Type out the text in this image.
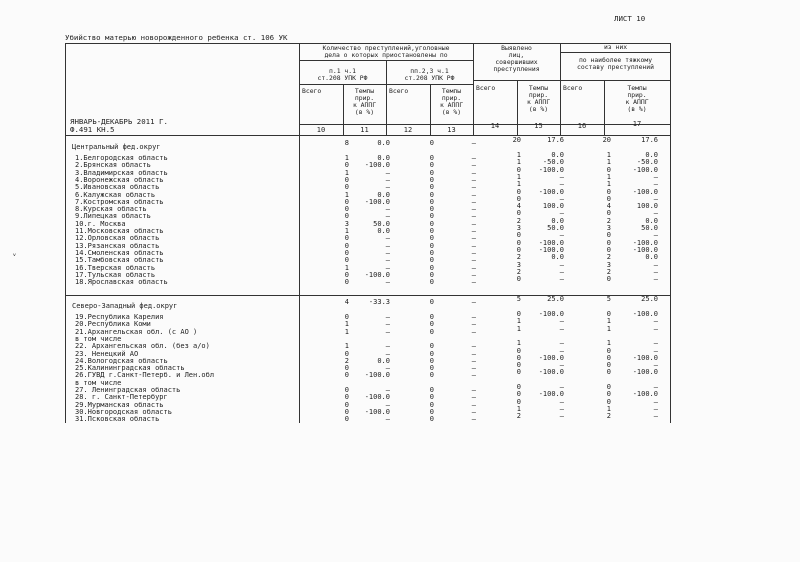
ЛИСТ 10
Убийство матерью новорожденного ребенка ст. 106 УК
Количество преступлений,уголовные
дела о которых приостановлены по
п.1 ч.1
ст.208 УПК РФ
пп.2,3 ч.1
ст.208 УПК РФ
Всего	Темпы
прир.
к АППГ
(в %)
Всего	Темпы
прир.
к АППГ
(в %)
Выявлено
лиц,
совершивших
преступления
Всего	Темпы
прир.
к АППГ
(в %)
из них
по наиболее тяжкому
составу преступлений
Всего	Темпы
прир.
к АППГ
(в %)
ЯНВАРЬ-ДЕКАБРЬ 2011 Г.
Ф.491 КН.5	10	11	12	13	14	15	16	17
Центральный фед.округ	8	0.0	0	–	20	17.6	20	17.6
1.Белгородская область	1	0.0	0	–	1	0.0	1	0.0
2.Брянская область	0	-100.0	0	–	1	-50.0	1	-50.0
3.Владимирская область	1	–	0	–	0	-100.0	0	-100.0
4.Воронежская область	0	–	0	–	1	–	1	–
5.Ивановская область	0	–	0	–	1	–	1	–
6.Калужская область	1	0.0	0	–	0	-100.0	0	-100.0
7.Костромская область	0	-100.0	0	–	0	–	0	–
8.Курская область	0	–	0	–	4	100.0	4	100.0
9.Липецкая область	0	–	0	–	0	–	0	–
10.г. Москва	3	50.0	0	–	2	0.0	2	0.0
11.Московская область	1	0.0	0	–	3	50.0	3	50.0
12.Орловская область	0	–	0	–	0	–	0	–
13.Рязанская область	0	–	0	–	0	-100.0	0	-100.0
14.Смоленская область	0	–	0	–	0	-100.0	0	-100.0
15.Тамбовская область	0	–	0	–	2	0.0	2	0.0
16.Тверская область	1	–	0	–	3	–	3	–
17.Тульская область	0	-100.0	0	–	2	–	2	–
18.Ярославская область	0	–	0	–	0	–	0	–
Северо-Западный фед.округ	4	-33.3	0	–	5	25.0	5	25.0
19.Республика Карелия	0	–	0	–	0	-100.0	0	-100.0
20.Республика Коми	1	–	0	–	1	–	1	–
21.Архангельская обл. (с АО )	1	–	0	–	1	–	1	–
в том числе
22. Архангельская обл. (без а/о)	1	–	0	–	1	–	1	–
23. Ненецкий АО	0	–	0	–	0	–	0	–
24.Вологодская область	2	0.0	0	–	0	-100.0	0	-100.0
25.Калининградская область	0	–	0	–	0	–	0	–
26.ГУВД г.Санкт-Петерб. и Лен.обл	0	-100.0	0	–	0	-100.0	0	-100.0
в том числе
27. Ленинградская область	0	–	0	–	0	–	0	–
28. г. Санкт-Петербург	0	-100.0	0	–	0	-100.0	0	-100.0
29.Мурманская область	0	–	0	–	0	–	0	–
30.Новгородская область	0	-100.0	0	–	1	–	1	–
31.Псковская область	0	–	0	–	2	–	2	–
ᵥ
